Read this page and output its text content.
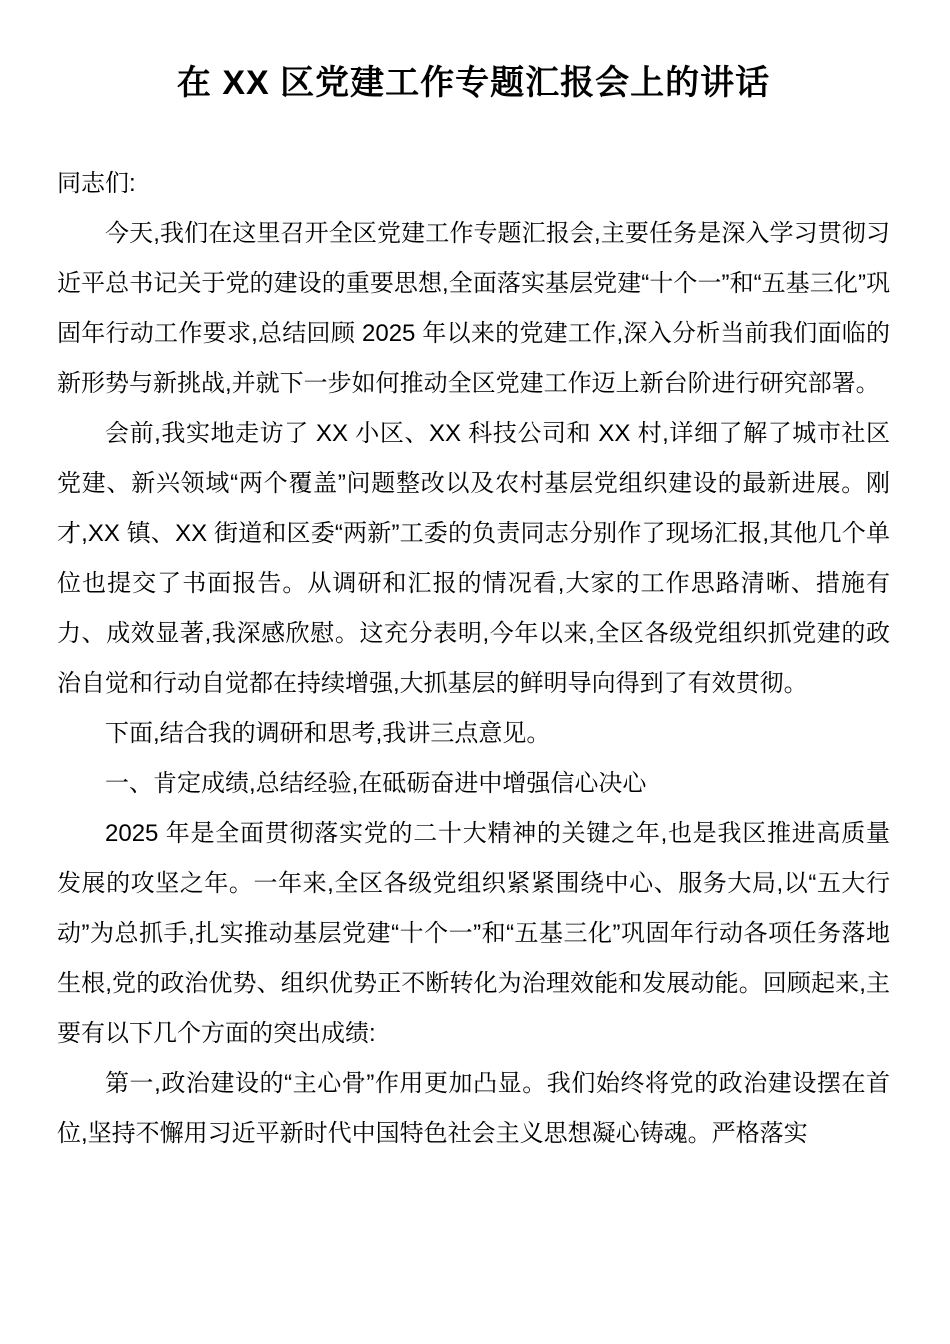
在 XX 区党建工作专题汇报会上的讲话

同志们:

今天,我们在这里召开全区党建工作专题汇报会,主要任务是深入学习贯彻习近平总书记关于党的建设的重要思想,全面落实基层党建“十个一”和“五基三化”巩固年行动工作要求,总结回顾 2025 年以来的党建工作,深入分析当前我们面临的新形势与新挑战,并就下一步如何推动全区党建工作迈上新台阶进行研究部署。

会前,我实地走访了 XX 小区、XX 科技公司和 XX 村,详细了解了城市社区党建、新兴领域“两个覆盖”问题整改以及农村基层党组织建设的最新进展。刚才,XX 镇、XX 街道和区委“两新”工委的负责同志分别作了现场汇报,其他几个单位也提交了书面报告。从调研和汇报的情况看,大家的工作思路清晰、措施有力、成效显著,我深感欣慰。这充分表明,今年以来,全区各级党组织抓党建的政治自觉和行动自觉都在持续增强,大抓基层的鲜明导向得到了有效贯彻。

下面,结合我的调研和思考,我讲三点意见。

一、肯定成绩,总结经验,在砥砺奋进中增强信心决心

2025 年是全面贯彻落实党的二十大精神的关键之年,也是我区推进高质量发展的攻坚之年。一年来,全区各级党组织紧紧围绕中心、服务大局,以“五大行动”为总抓手,扎实推动基层党建“十个一”和“五基三化”巩固年行动各项任务落地生根,党的政治优势、组织优势正不断转化为治理效能和发展动能。回顾起来,主要有以下几个方面的突出成绩:

第一,政治建设的“主心骨”作用更加凸显。我们始终将党的政治建设摆在首位,坚持不懈用习近平新时代中国特色社会主义思想凝心铸魂。严格落实
